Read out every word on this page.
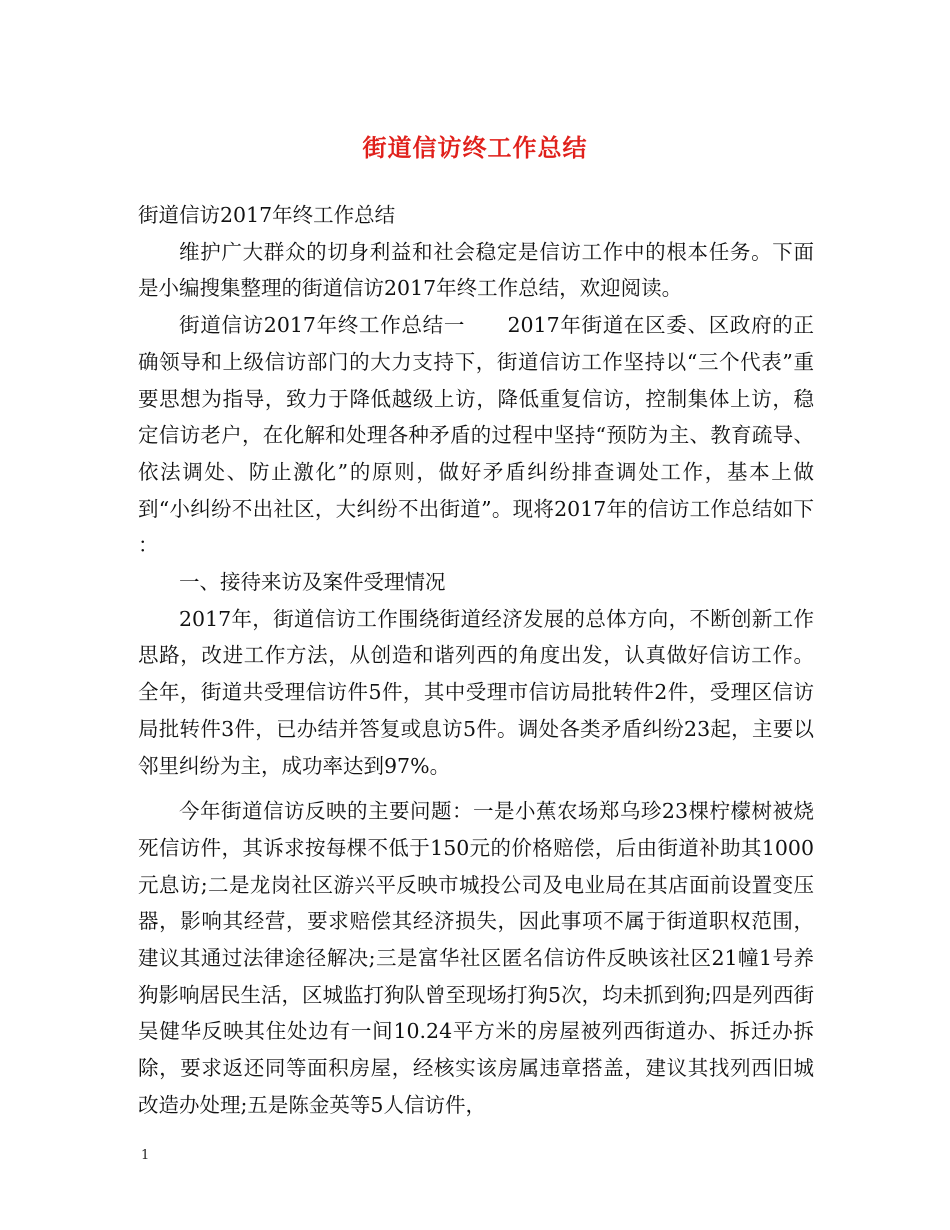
街道信访终工作总结

街道信访2017年终工作总结

维护广大群众的切身利益和社会稳定是信访工作中的根本任务。下面是小编搜集整理的街道信访2017年终工作总结，欢迎阅读。

街道信访2017年终工作总结一　　2017年街道在区委、区政府的正确领导和上级信访部门的大力支持下，街道信访工作坚持以“三个代表”重要思想为指导，致力于降低越级上访，降低重复信访，控制集体上访，稳定信访老户，在化解和处理各种矛盾的过程中坚持“预防为主、教育疏导、依法调处、防止激化”的原则，做好矛盾纠纷排查调处工作，基本上做到“小纠纷不出社区，大纠纷不出街道”。现将2017年的信访工作总结如下 ：

一、接待来访及案件受理情况

2017年，街道信访工作围绕街道经济发展的总体方向，不断创新工作思路，改进工作方法，从创造和谐列西的角度出发，认真做好信访工作。全年，街道共受理信访件5件，其中受理市信访局批转件2件，受理区信访局批转件3件，已办结并答复或息访5件。调处各类矛盾纠纷23起，主要以邻里纠纷为主，成功率达到97%。

今年街道信访反映的主要问题：一是小蕉农场郑乌珍23棵柠檬树被烧死信访件，其诉求按每棵不低于150元的价格赔偿，后由街道补助其1000元息访;二是龙岗社区游兴平反映市城投公司及电业局在其店面前设置变压器，影响其经营，要求赔偿其经济损失，因此事项不属于街道职权范围，建议其通过法律途径解决;三是富华社区匿名信访件反映该社区21幢1号养狗影响居民生活，区城监打狗队曾至现场打狗5次，均未抓到狗;四是列西街吴健华反映其住处边有一间10.24平方米的房屋被列西街道办、拆迁办拆除，要求返还同等面积房屋，经核实该房属违章搭盖，建议其找列西旧城改造办处理;五是陈金英等5人信访件，

1
